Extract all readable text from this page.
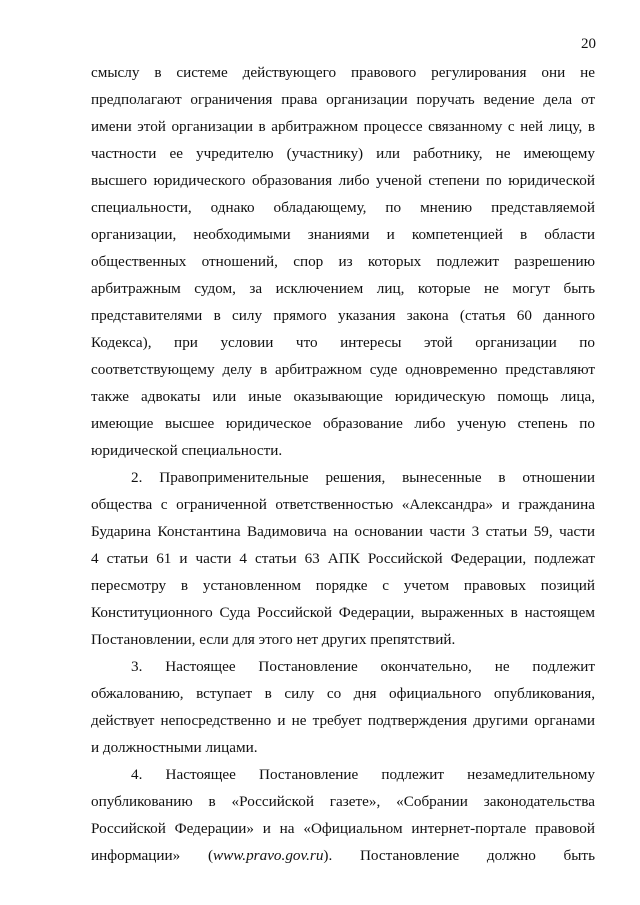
20
смыслу в системе действующего правового регулирования они не
предполагают ограничения права организации поручать ведение дела от
имени этой организации в арбитражном процессе связанному с ней лицу, в
частности ее учредителю (участнику) или работнику, не имеющему
высшего юридического образования либо ученой степени по юридической
специальности, однако обладающему, по мнению представляемой
организации, необходимыми знаниями и компетенцией в области
общественных отношений, спор из которых подлежит разрешению
арбитражным судом, за исключением лиц, которые не могут быть
представителями в силу прямого указания закона (статья 60 данного
Кодекса), при условии что интересы этой организации по
соответствующему делу в арбитражном суде одновременно представляют
также адвокаты или иные оказывающие юридическую помощь лица,
имеющие высшее юридическое образование либо ученую степень по
юридической специальности.
2. Правоприменительные решения, вынесенные в отношении
общества с ограниченной ответственностью «Александра» и гражданина
Бударина Константина Вадимовича на основании части 3 статьи 59, части
4 статьи 61 и части 4 статьи 63 АПК Российской Федерации, подлежат
пересмотру в установленном порядке с учетом правовых позиций
Конституционного Суда Российской Федерации, выраженных в настоящем
Постановлении, если для этого нет других препятствий.
3. Настоящее Постановление окончательно, не подлежит
обжалованию, вступает в силу со дня официального опубликования,
действует непосредственно и не требует подтверждения другими органами
и должностными лицами.
4. Настоящее Постановление подлежит незамедлительному
опубликованию в «Российской газете», «Собрании законодательства
Российской Федерации» и на «Официальном интернет-портале правовой
информации» (www.pravo.gov.ru). Постановление должно быть
